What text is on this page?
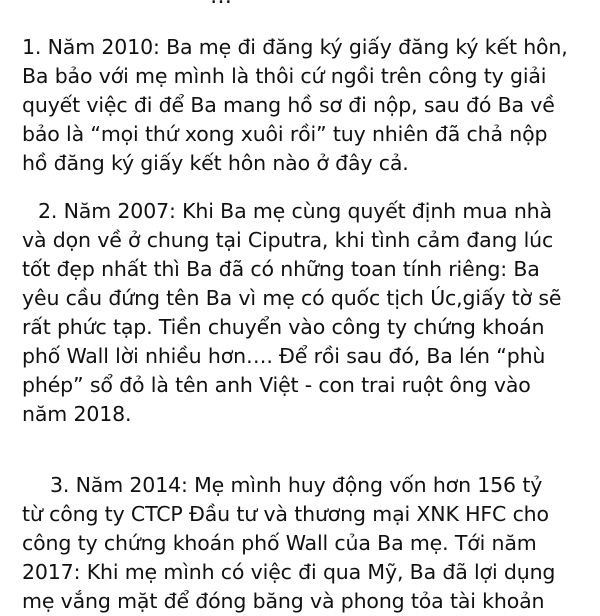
1. Năm 2010: Ba mẹ đi đăng ký giấy đăng ký kết hôn,
Ba bảo với mẹ mình là thôi cứ ngồi trên công ty giải
quyết việc đi để Ba mang hồ sơ đi nộp, sau đó Ba về
bảo là “mọi thứ xong xuôi rồi” tuy nhiên đã chả nộp
hồ đăng ký giấy kết hôn nào ở đây cả.
2. Năm 2007: Khi Ba mẹ cùng quyết định mua nhà
và dọn về ở chung tại Ciputra, khi tình cảm đang lúc
tốt đẹp nhất thì Ba đã có những toan tính riêng: Ba
yêu cầu đứng tên Ba vì mẹ có quốc tịch Úc,giấy tờ sẽ
rất phức tạp. Tiền chuyển vào công ty chứng khoán
phố Wall lời nhiều hơn…. Để rồi sau đó, Ba lén “phù
phép” sổ đỏ là tên anh Việt - con trai ruột ông vào
năm 2018.
3. Năm 2014: Mẹ mình huy động vốn hơn 156 tỷ
từ công ty CTCP Đầu tư và thương mại XNK HFC cho
công ty chứng khoán phố Wall của Ba mẹ. Tới năm
2017: Khi mẹ mình có việc đi qua Mỹ, Ba đã lợi dụng
mẹ vắng mặt để đóng băng và phong tỏa tài khoản
